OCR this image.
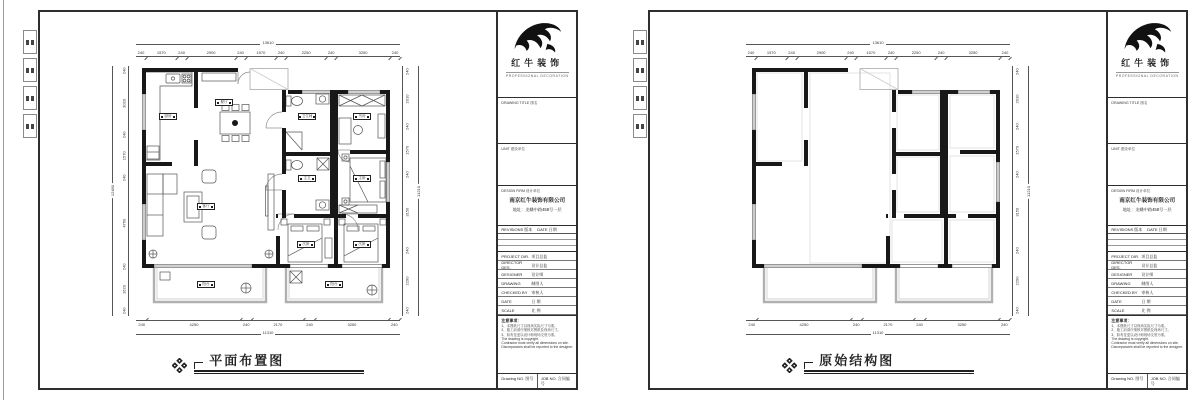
13610
240	1570	240	2900	240	1570	240	2250	240	3250	240
240	4250	240	2170	240	3250	240
11310
12480
240
3020
240
1570
240
4760
240
1620
240
240
2010
240
1570
240
3150
240
2290
240
11210
厨房
餐厅
卫生间	书房
主卫	主卧
客厅
次卧	次卧
阳台	阳台
平面布置图
红牛装饰
PROFESSIONAL DECORATION
DRAWING TITLE 图名
UNIT 建设单位
DESIGN FIRM 设计单位
南京红牛装饰有限公司
地址：龙蟠中路458号一层
REVISIONS 版本	DATE 日期
PROJECT DIR. 项目总监
DIRECTOR DES.	设计总监
DESIGNER	设计师
DRAWING	制图人
CHECKED BY 审核人
DATE	日 期
SCALE	比 例
注意事项：
1、本图纸尺寸以现场实际尺寸为准。
2、施工前请仔细核对图纸及现场尺寸。
3、如有变更以设计师现场交底为准。
The drawing is copyright.
Contractor must verify all dimensions on site.
Discrepancies shall be reported to the designer.
Drawing NO. 图号	JOB NO. 合同编号
13610
240	1570	240	2900	240	1570	240	2250	240	3250	240
240	4250	240	2170	240	3250	240
11310
240
2010
240
1570
240
3150
240
2290
240
11210
原始结构图
红牛装饰
PROFESSIONAL DECORATION
DRAWING TITLE 图名
UNIT 建设单位
DESIGN FIRM 设计单位
南京红牛装饰有限公司
地址：龙蟠中路458号一层
REVISIONS 版本	DATE 日期
PROJECT DIR. 项目总监
DIRECTOR DES.	设计总监
DESIGNER	设计师
DRAWING	制图人
CHECKED BY 审核人
DATE	日 期
SCALE	比 例
注意事项：
1、本图纸尺寸以现场实际尺寸为准。
2、施工前请仔细核对图纸及现场尺寸。
3、如有变更以设计师现场交底为准。
The drawing is copyright.
Contractor must verify all dimensions on site.
Discrepancies shall be reported to the designer.
Drawing NO. 图号	JOB NO. 合同编号
